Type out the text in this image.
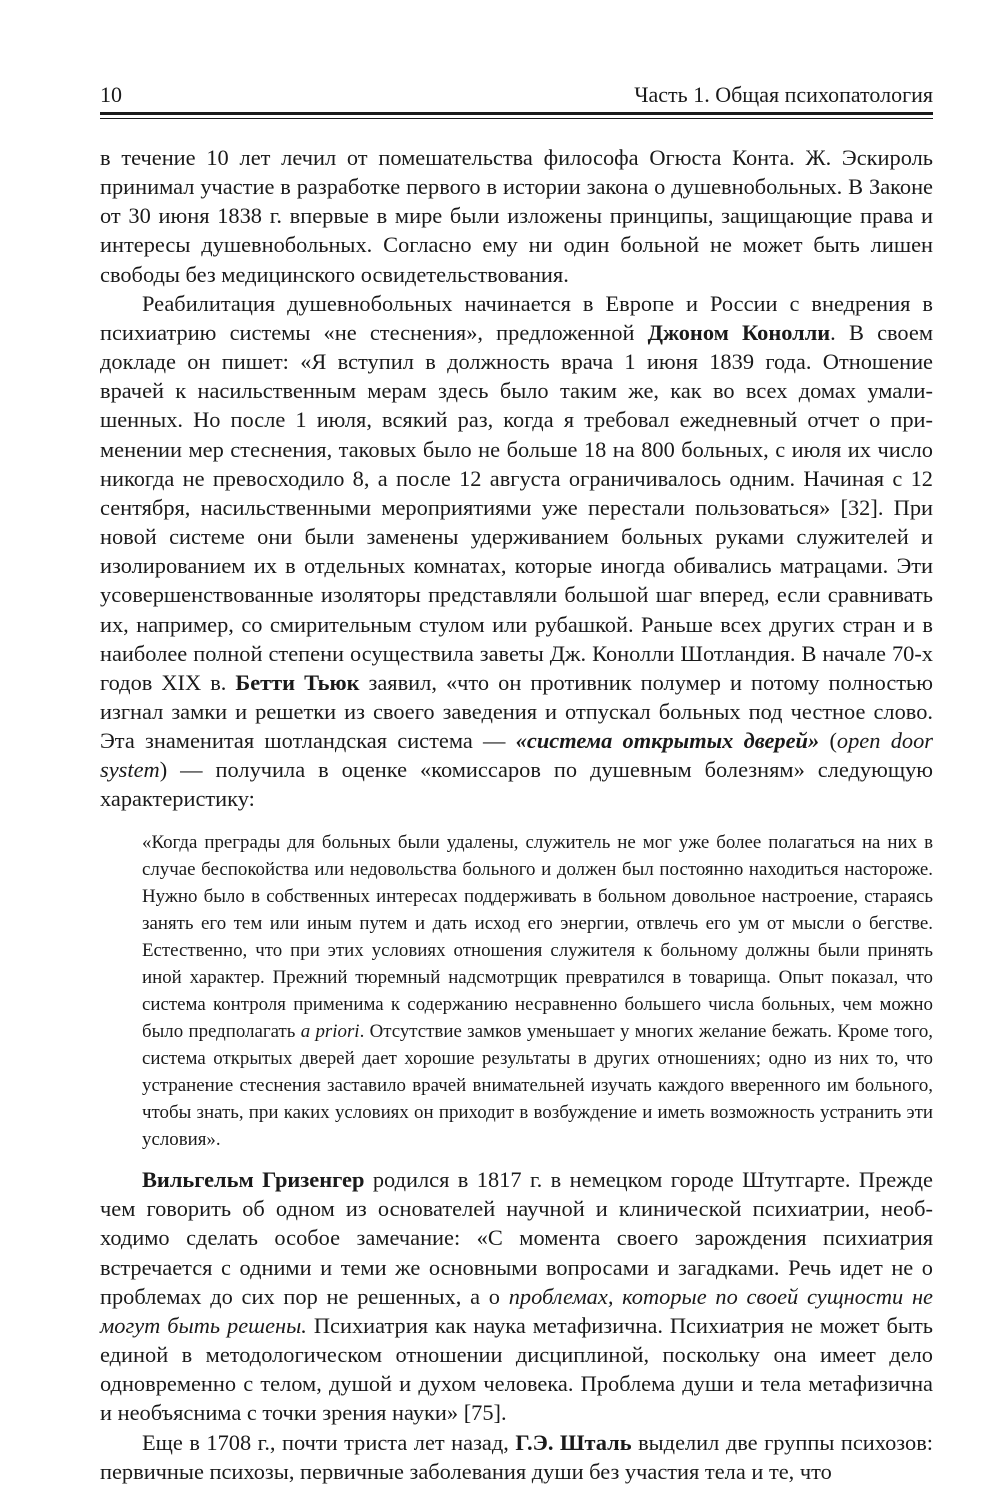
10	Часть 1. Общая психопатология

в течение 10 лет лечил от помешательства философа Огюста Конта. Ж. Эскироль принимал участие в разработке первого в истории закона о душевнобольных. В Законе от 30 июня 1838 г. впервые в мире были изложены принципы, защищающие права и интересы душевнобольных. Согласно ему ни один больной не может быть лишен свободы без медицинского освидетельствования.

Реабилитация душевнобольных начинается в Европе и России с внедрения в психиатрию системы «не стеснения», предложенной Джоном Конолли. В своем докладе он пишет: «Я вступил в должность врача 1 июня 1839 года. Отношение врачей к насильственным мерам здесь было таким же, как во всех домах умалишенных. Но после 1 июля, всякий раз, когда я требовал ежедневный отчет о применении мер стеснения, таковых было не больше 18 на 800 больных, с июля их число никогда не превосходило 8, а после 12 августа ограничивалось одним. Начиная с 12 сентября, насильственными мероприятиями уже перестали пользоваться» [32]. При новой системе они были заменены удерживанием больных руками служителей и изолированием их в отдельных комнатах, которые иногда обивались матрацами. Эти усовершенствованные изоляторы представляли большой шаг вперед, если сравнивать их, например, со смирительным стулом или рубашкой. Раньше всех других стран и в наиболее полной степени осуществила заветы Дж. Конолли Шотландия. В начале 70-х годов XIX в. Бетти Тьюк заявил, «что он противник полумер и потому полностью изгнал замки и решетки из своего заведения и отпускал больных под честное слово. Эта знаменитая шотландская система — «система открытых дверей» (open door system) — получила в оценке «комиссаров по душевным болезням» следующую характеристику:

«Когда преграды для больных были удалены, служитель не мог уже более полагаться на них в случае беспокойства или недовольства больного и должен был постоянно находиться настороже. Нужно было в собственных интересах поддерживать в больном довольное настроение, стараясь занять его тем или иным путем и дать исход его энергии, отвлечь его ум от мысли о бегстве. Естественно, что при этих условиях отношения служителя к больному должны были принять иной характер. Прежний тюремный надсмотрщик превратился в товарища. Опыт показал, что система контроля применима к содержанию несравненно большего числа больных, чем можно было предполагать a priori. Отсутствие замков уменьшает у многих желание бежать. Кроме того, система открытых дверей дает хорошие результаты в других отношениях; одно из них то, что устранение стеснения заставило врачей внимательней изучать каждого вверенного им больного, чтобы знать, при каких условиях он приходит в возбуждение и иметь возможность устранить эти условия».

Вильгельм Гризенгер родился в 1817 г. в немецком городе Штутгарте. Прежде чем говорить об одном из основателей научной и клинической психиатрии, необходимо сделать особое замечание: «С момента своего зарождения психиатрия встречается с одними и теми же основными вопросами и загадками. Речь идет не о проблемах до сих пор не решенных, а о проблемах, которые по своей сущности не могут быть решены. Психиатрия как наука метафизична. Психиатрия не может быть единой в методологическом отношении дисциплиной, поскольку она имеет дело одновременно с телом, душой и духом человека. Проблема души и тела метафизична и необъяснима с точки зрения науки» [75].

Еще в 1708 г., почти триста лет назад, Г.Э. Шталь выделил две группы психозов: первичные психозы, первичные заболевания души без участия тела и те, что
